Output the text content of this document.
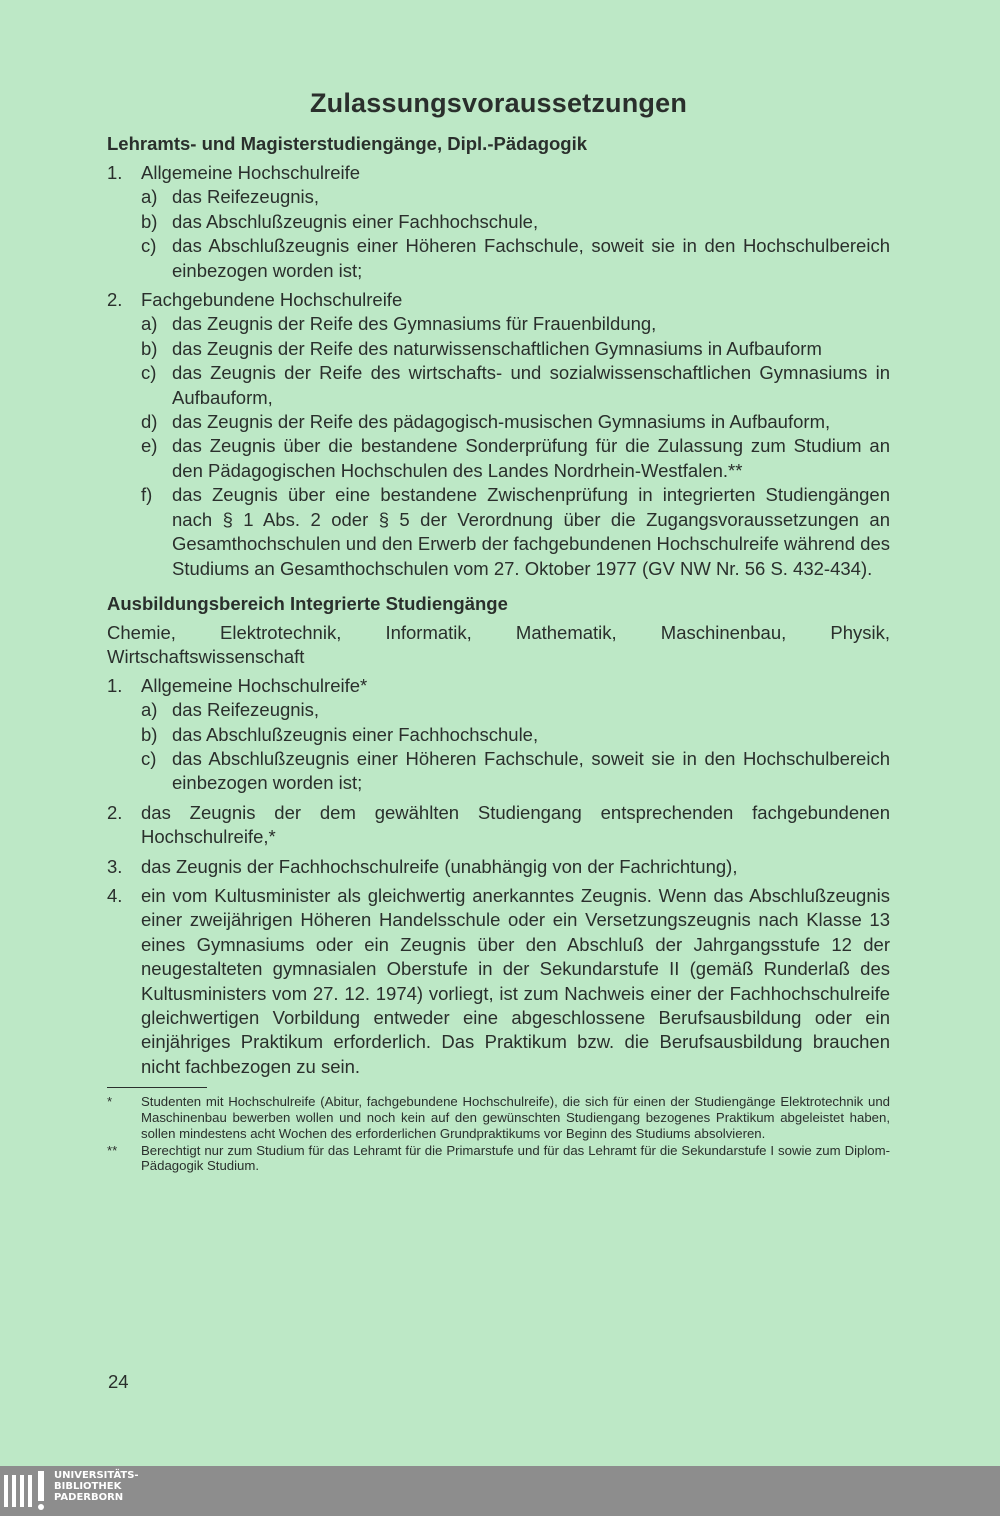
Zulassungsvoraussetzungen
Lehramts- und Magisterstudiengänge, Dipl.-Pädagogik
1. Allgemeine Hochschulreife
a) das Reifezeugnis,
b) das Abschlußzeugnis einer Fachhochschule,
c) das Abschlußzeugnis einer Höheren Fachschule, soweit sie in den Hochschulbereich einbezogen worden ist;
2. Fachgebundene Hochschulreife
a) das Zeugnis der Reife des Gymnasiums für Frauenbildung,
b) das Zeugnis der Reife des naturwissenschaftlichen Gymnasiums in Aufbauform
c) das Zeugnis der Reife des wirtschafts- und sozialwissenschaftlichen Gymnasiums in Aufbauform,
d) das Zeugnis der Reife des pädagogisch-musischen Gymnasiums in Aufbauform,
e) das Zeugnis über die bestandene Sonderprüfung für die Zulassung zum Studium an den Pädagogischen Hochschulen des Landes Nordrhein-Westfalen.**
f) das Zeugnis über eine bestandene Zwischenprüfung in integrierten Studiengängen nach § 1 Abs. 2 oder § 5 der Verordnung über die Zugangsvoraussetzungen an Gesamthochschulen und den Erwerb der fachgebundenen Hochschulreife während des Studiums an Gesamthochschulen vom 27. Oktober 1977 (GV NW Nr. 56 S. 432-434).
Ausbildungsbereich Integrierte Studiengänge

Chemie, Elektrotechnik, Informatik, Mathematik, Maschinenbau, Physik, Wirtschaftswissenschaft

1. Allgemeine Hochschulreife*
a) das Reifezeugnis,
b) das Abschlußzeugnis einer Fachhochschule,
c) das Abschlußzeugnis einer Höheren Fachschule, soweit sie in den Hochschulbereich einbezogen worden ist;
2. das Zeugnis der dem gewählten Studiengang entsprechenden fachgebundenen Hochschulreife,*
3. das Zeugnis der Fachhochschulreife (unabhängig von der Fachrichtung),
4. ein vom Kultusminister als gleichwertig anerkanntes Zeugnis. Wenn das Abschlußzeugnis einer zweijährigen Höheren Handelsschule oder ein Versetzungszeugnis nach Klasse 13 eines Gymnasiums oder ein Zeugnis über den Abschluß der Jahrgangsstufe 12 der neugestalteten gymnasialen Oberstufe in der Sekundarstufe II (gemäß Runderlaß des Kultusministers vom 27. 12. 1974) vorliegt, ist zum Nachweis einer der Fachhochschulreife gleichwertigen Vorbildung entweder eine abgeschlossene Berufsausbildung oder ein einjähriges Praktikum erforderlich. Das Praktikum bzw. die Berufsausbildung brauchen nicht fachbezogen zu sein.
* Studenten mit Hochschulreife (Abitur, fachgebundene Hochschulreife), die sich für einen der Studiengänge Elektrotechnik und Maschinenbau bewerben wollen und noch kein auf den gewünschten Studiengang bezogenes Praktikum abgeleistet haben, sollen mindestens acht Wochen des erforderlichen Grundpraktikums vor Beginn des Studiums absolvieren.
** Berechtigt nur zum Studium für das Lehramt für die Primarstufe und für das Lehramt für die Sekundarstufe I sowie zum Diplom-Pädagogik Studium.
24
UNIVERSITÄTS-
BIBLIOTHEK
PADERBORN
